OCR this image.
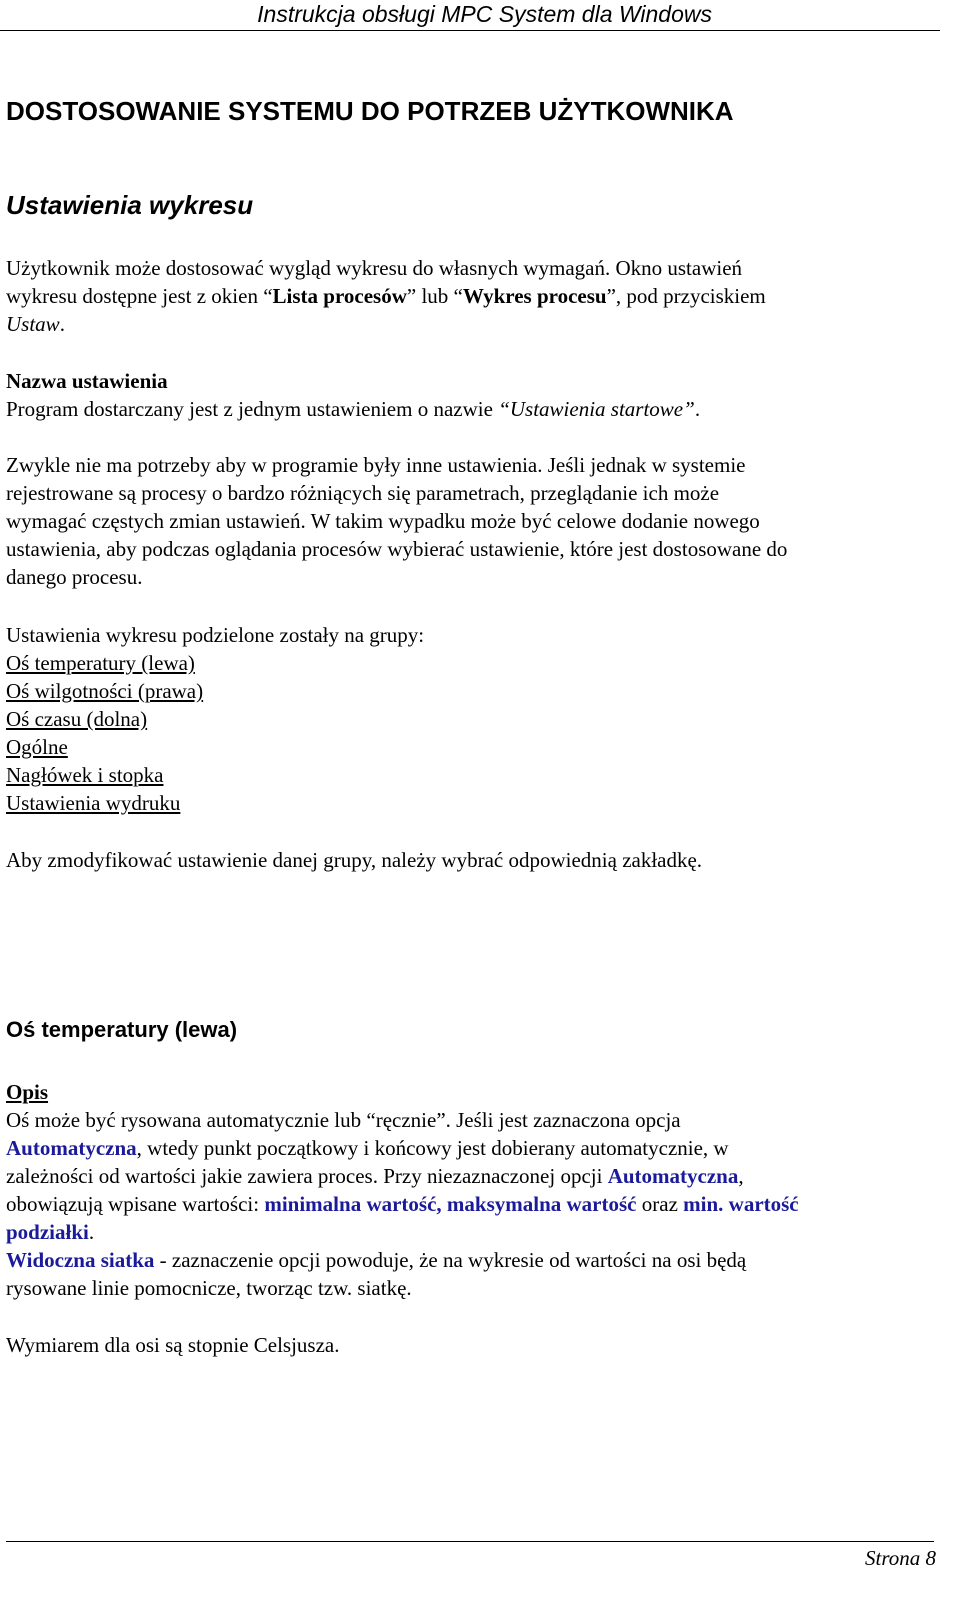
Instrukcja obsługi MPC System dla Windows
DOSTOSOWANIE SYSTEMU DO POTRZEB UŻYTKOWNIKA
Ustawienia wykresu
Użytkownik może dostosować wygląd wykresu do własnych wymagań. Okno ustawień
wykresu dostępne jest z okien “Lista procesów” lub “Wykres procesu”, pod przyciskiem
Ustaw.
Nazwa ustawienia
Program dostarczany jest z jednym ustawieniem o nazwie “Ustawienia startowe”.
Zwykle nie ma potrzeby aby w programie były inne ustawienia. Jeśli jednak w systemie
rejestrowane są procesy o bardzo różniących się parametrach, przeglądanie ich może
wymagać częstych zmian ustawień. W takim wypadku może być celowe dodanie nowego
ustawienia, aby podczas oglądania procesów wybierać ustawienie, które jest dostosowane do
danego procesu.
Ustawienia wykresu podzielone zostały na grupy:
Oś temperatury (lewa)
Oś wilgotności (prawa)
Oś czasu (dolna)
Ogólne
Nagłówek i stopka
Ustawienia wydruku
Aby zmodyfikować ustawienie danej grupy, należy wybrać odpowiednią zakładkę.
Oś temperatury (lewa)
Opis
Oś może być rysowana automatycznie lub “ręcznie”. Jeśli jest zaznaczona opcja
Automatyczna, wtedy punkt początkowy i końcowy jest dobierany automatycznie, w
zależności od wartości jakie zawiera proces. Przy niezaznaczonej opcji Automatyczna,
obowiązują wpisane wartości: minimalna wartość, maksymalna wartość oraz min. wartość
podziałki.
Widoczna siatka - zaznaczenie opcji powoduje, że na wykresie od wartości na osi będą
rysowane linie pomocnicze, tworząc tzw. siatkę.
Wymiarem dla osi są stopnie Celsjusza.
Strona 8
